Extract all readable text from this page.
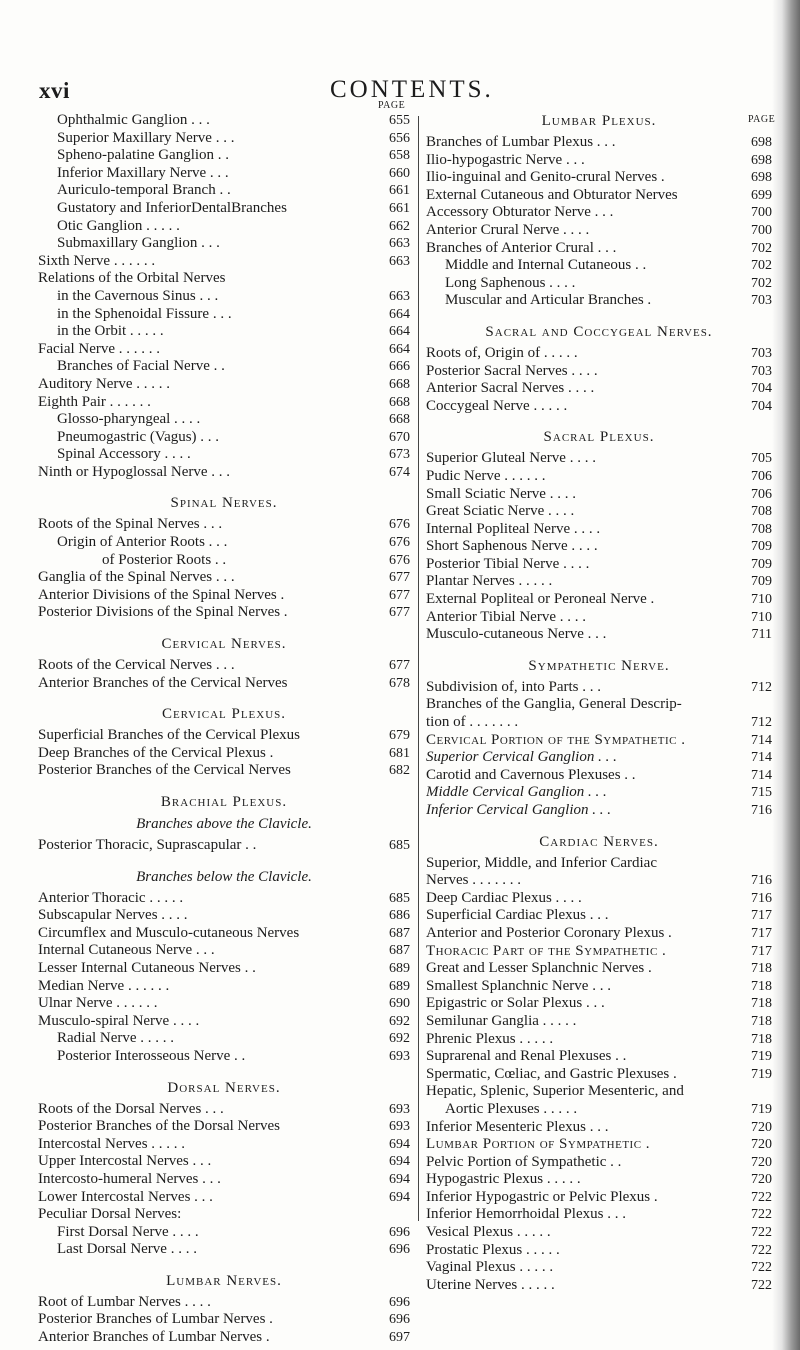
xvi	CONTENTS.
PAGE
PAGE
Ophthalmic Ganglion . . .	655
Superior Maxillary Nerve . . .	656
Spheno-palatine Ganglion . .	658
Inferior Maxillary Nerve . . .	660
Auriculo-temporal Branch . .	661
Gustatory and InferiorDentalBranches	661
Otic Ganglion . . . . .	662
Submaxillary Ganglion . . .	663
Sixth Nerve . . . . . .	663
Relations of the Orbital Nerves
in the Cavernous Sinus . . .	663
in the Sphenoidal Fissure . . .	664
in the Orbit . . . . .	664
Facial Nerve . . . . . .	664
Branches of Facial Nerve . .	666
Auditory Nerve . . . . .	668
Eighth Pair . . . . . .	668
Glosso-pharyngeal . . . .	668
Pneumogastric (Vagus) . . .	670
Spinal Accessory . . . .	673
Ninth or Hypoglossal Nerve . . .	674
Spinal Nerves.
Roots of the Spinal Nerves . . .	676
Origin of Anterior Roots . . .	676
of Posterior Roots . .	676
Ganglia of the Spinal Nerves . . .	677
Anterior Divisions of the Spinal Nerves .	677
Posterior Divisions of the Spinal Nerves .	677
Cervical Nerves.
Roots of the Cervical Nerves . . .	677
Anterior Branches of the Cervical Nerves	678
Cervical Plexus.
Superficial Branches of the Cervical Plexus	679
Deep Branches of the Cervical Plexus .	681
Posterior Branches of the Cervical Nerves	682
Brachial Plexus.
Branches above the Clavicle.
Posterior Thoracic, Suprascapular . .	685
Branches below the Clavicle.
Anterior Thoracic . . . . .	685
Subscapular Nerves . . . .	686
Circumflex and Musculo-cutaneous Nerves	687
Internal Cutaneous Nerve . . .	687
Lesser Internal Cutaneous Nerves . .	689
Median Nerve . . . . . .	689
Ulnar Nerve . . . . . .	690
Musculo-spiral Nerve . . . .	692
Radial Nerve . . . . .	692
Posterior Interosseous Nerve . .	693
Dorsal Nerves.
Roots of the Dorsal Nerves . . .	693
Posterior Branches of the Dorsal Nerves	693
Intercostal Nerves . . . . .	694
Upper Intercostal Nerves . . .	694
Intercosto-humeral Nerves . . .	694
Lower Intercostal Nerves . . .	694
Peculiar Dorsal Nerves:
First Dorsal Nerve . . . .	696
Last Dorsal Nerve . . . .	696
Lumbar Nerves.
Root of Lumbar Nerves . . . .	696
Posterior Branches of Lumbar Nerves .	696
Anterior Branches of Lumbar Nerves .	697
Lumbar Plexus.
Branches of Lumbar Plexus . . .	698
Ilio-hypogastric Nerve . . .	698
Ilio-inguinal and Genito-crural Nerves .	698
External Cutaneous and Obturator Nerves	699
Accessory Obturator Nerve . . .	700
Anterior Crural Nerve . . . .	700
Branches of Anterior Crural . . .	702
Middle and Internal Cutaneous . .	702
Long Saphenous . . . .	702
Muscular and Articular Branches .	703
Sacral and Coccygeal Nerves.
Roots of, Origin of . . . . .	703
Posterior Sacral Nerves . . . .	703
Anterior Sacral Nerves . . . .	704
Coccygeal Nerve . . . . .	704
Sacral Plexus.
Superior Gluteal Nerve . . . .	705
Pudic Nerve . . . . . .	706
Small Sciatic Nerve . . . .	706
Great Sciatic Nerve . . . .	708
Internal Popliteal Nerve . . . .	708
Short Saphenous Nerve . . . .	709
Posterior Tibial Nerve . . . .	709
Plantar Nerves . . . . .	709
External Popliteal or Peroneal Nerve .	710
Anterior Tibial Nerve . . . .	710
Musculo-cutaneous Nerve . . .	711
Sympathetic Nerve.
Subdivision of, into Parts . . .	712
Branches of the Ganglia, General Descrip-
tion of . . . . . . .	712
Cervical Portion of the Sympathetic .	714
Superior Cervical Ganglion . . .	714
Carotid and Cavernous Plexuses . .	714
Middle Cervical Ganglion . . .	715
Inferior Cervical Ganglion . . .	716
Cardiac Nerves.
Superior, Middle, and Inferior Cardiac
Nerves . . . . . . .	716
Deep Cardiac Plexus . . . .	716
Superficial Cardiac Plexus . . .	717
Anterior and Posterior Coronary Plexus .	717
Thoracic Part of the Sympathetic .	717
Great and Lesser Splanchnic Nerves .	718
Smallest Splanchnic Nerve . . .	718
Epigastric or Solar Plexus . . .	718
Semilunar Ganglia . . . . .	718
Phrenic Plexus . . . . .	718
Suprarenal and Renal Plexuses . .	719
Spermatic, Cœliac, and Gastric Plexuses .	719
Hepatic, Splenic, Superior Mesenteric, and
Aortic Plexuses . . . . .	719
Inferior Mesenteric Plexus . . .	720
Lumbar Portion of Sympathetic .	720
Pelvic Portion of Sympathetic . .	720
Hypogastric Plexus . . . . .	720
Inferior Hypogastric or Pelvic Plexus .	722
Inferior Hemorrhoidal Plexus . . .	722
Vesical Plexus . . . . .	722
Prostatic Plexus . . . . .	722
Vaginal Plexus . . . . .	722
Uterine Nerves . . . . .	722
